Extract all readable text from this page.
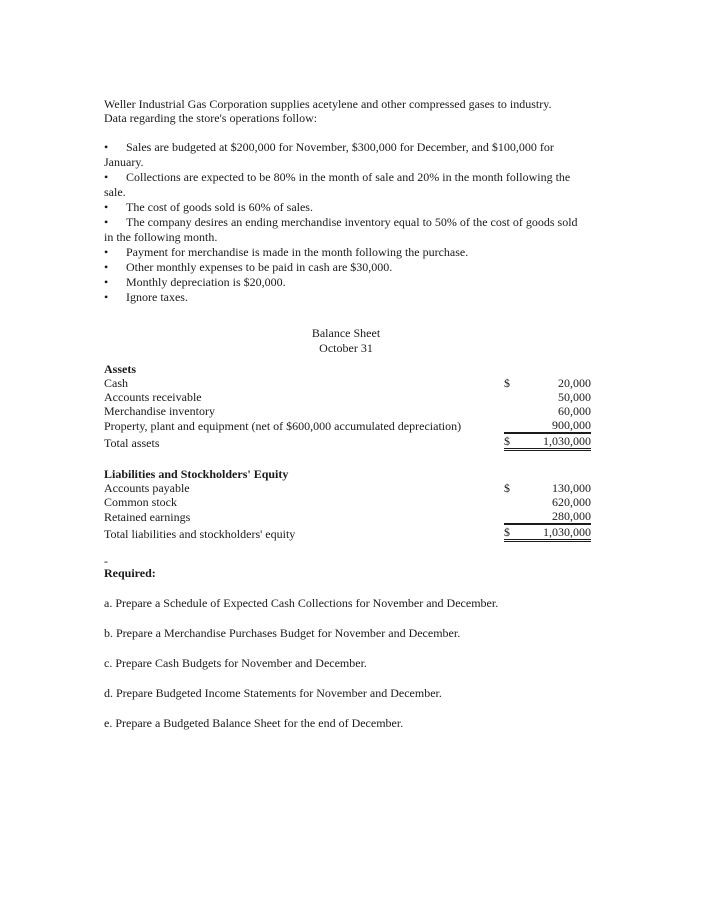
Weller Industrial Gas Corporation supplies acetylene and other compressed gases to industry.

Data regarding the store's operations follow:

• Sales are budgeted at $200,000 for November, $300,000 for December, and $100,000 for
January.
• Collections are expected to be 80% in the month of sale and 20% in the month following the
sale.
• The cost of goods sold is 60% of sales.
• The company desires an ending merchandise inventory equal to 50% of the cost of goods sold
in the following month.
• Payment for merchandise is made in the month following the purchase.
• Other monthly expenses to be paid in cash are $30,000.
• Monthly depreciation is $20,000.
• Ignore taxes.
Balance Sheet
October 31
Assets		
Cash	$	20,000
Accounts receivable		50,000
Merchandise inventory		60,000
Property, plant and equipment (net of $600,000 accumulated depreciation)		900,000
Total assets	$	1,030,000

Liabilities and Stockholders' Equity		
Accounts payable	$	130,000
Common stock		620,000
Retained earnings		280,000
Total liabilities and stockholders' equity	$	1,030,000
-
Required:

a. Prepare a Schedule of Expected Cash Collections for November and December.

b. Prepare a Merchandise Purchases Budget for November and December.

c. Prepare Cash Budgets for November and December.

d. Prepare Budgeted Income Statements for November and December.

e. Prepare a Budgeted Balance Sheet for the end of December.
